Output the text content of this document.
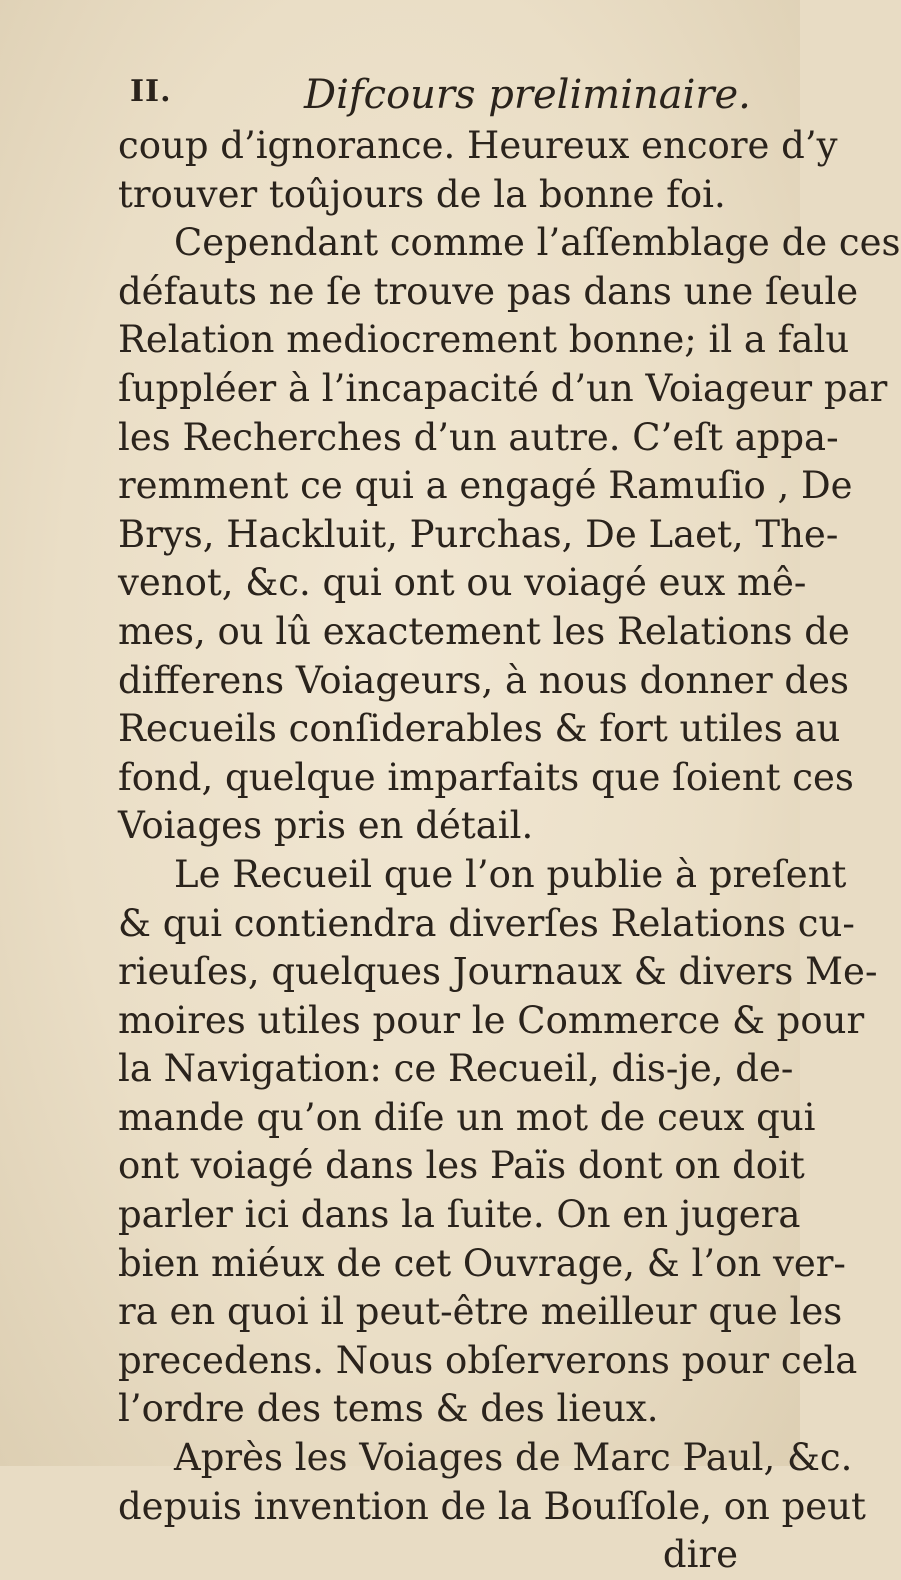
II.	Difcours preliminaire.
coup d’ignorance. Heureux encore d’y
trouver toûjours de la bonne foi.
Cependant comme l’aſſemblage de ces
défauts ne ſe trouve pas dans une ſeule
Relation mediocrement bonne; il a falu
ſuppléer à l’incapacité d’un Voiageur par
les Recherches d’un autre. C’eſt appa-
remment ce qui a engagé Ramuſio , De
Brys, Hackluit, Purchas, De Laet, The-
venot, &c. qui ont ou voiagé eux mê-
mes, ou lû exactement les Relations de
differens Voiageurs, à nous donner des
Recueils conſiderables & fort utiles au
fond, quelque imparfaits que ſoient ces
Voiages pris en détail.
Le Recueil que l’on publie à preſent
& qui contiendra diverſes Relations cu-
rieuſes, quelques Journaux & divers Me-
moires utiles pour le Commerce & pour
la Navigation: ce Recueil, dis-je, de-
mande qu’on diſe un mot de ceux qui
ont voiagé dans les Païs dont on doit
parler ici dans la ſuite. On en jugera
bien miéux de cet Ouvrage, & l’on ver-
ra en quoi il peut-être meilleur que les
precedens. Nous obſerverons pour cela
l’ordre des tems & des lieux.
Après les Voiages de Marc Paul, &c.
depuis invention de la Bouſſole, on peut
dire
